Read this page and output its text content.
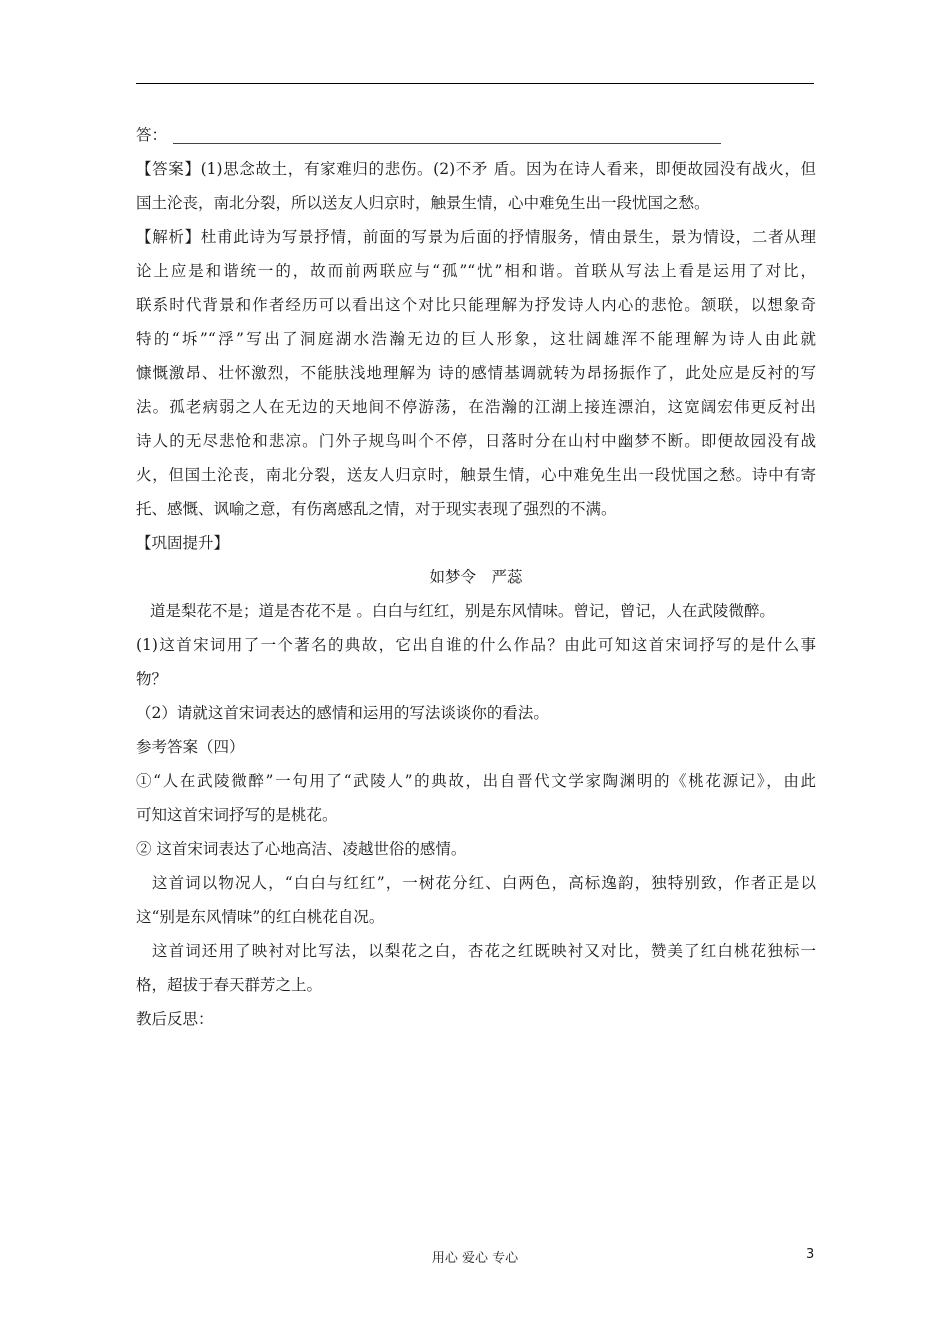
答：
【答案】(1)思念故土，有家难归的悲伤。(2)不矛 盾。因为在诗人看来，即便故园没有战火，但
国土沦丧，南北分裂，所以送友人归京时，触景生情，心中难免生出一段忧国之愁。
【解析】杜甫此诗为写景抒情，前面的写景为后面的抒情服务，情由景生，景为情设，二者从理
论上应是和谐统一的，故而前两联应与“孤”“忧”相和谐。首联从写法上看是运用了对比，
联系时代背景和作者经历可以看出这个对比只能理解为抒发诗人内心的悲怆。颔联，以想象奇
特的“坼”“浮”写出了洞庭湖水浩瀚无边的巨人形象，这壮阔雄浑不能理解为诗人由此就
慷慨激昂、壮怀激烈，不能肤浅地理解为 诗的感情基调就转为昂扬振作了，此处应是反衬的写
法。孤老病弱之人在无边的天地间不停游荡，在浩瀚的江湖上接连漂泊，这宽阔宏伟更反衬出
诗人的无尽悲怆和悲凉。门外子规鸟叫个不停，日落时分在山村中幽梦不断。即便故园没有战
火，但国土沦丧，南北分裂，送友人归京时，触景生情，心中难免生出一段忧国之愁。诗中有寄
托、感慨、讽喻之意，有伤离感乱之情，对于现实表现了强烈的不满。
【巩固提升】
如梦令　严蕊
道是梨花不是；道是杏花不是 。白白与红红，别是东风情味。曾记，曾记，人在武陵微醉。
(1)这首宋词用了一个著名的典故，它出自谁的什么作品？由此可知这首宋词抒写的是什么事
物？
（2）请就这首宋词表达的感情和运用的写法谈谈你的看法。
参考答案（四）
①“人在武陵微醉”一句用了“武陵人”的典故，出自晋代文学家陶渊明的《桃花源记》，由此
可知这首宋词抒写的是桃花。
② 这首宋词表达了心地高洁、凌越世俗的感情。
这首词以物况人，“白白与红红”，一树花分红、白两色，高标逸韵，独特别致，作者正是以
这“别是东风情味”的红白桃花自况。
这首词还用了映衬对比写法，以梨花之白，杏花之红既映衬又对比，赞美了红白桃花独标一
格，超拔于春天群芳之上。
教后反思：
用心 爱心 专心	3
